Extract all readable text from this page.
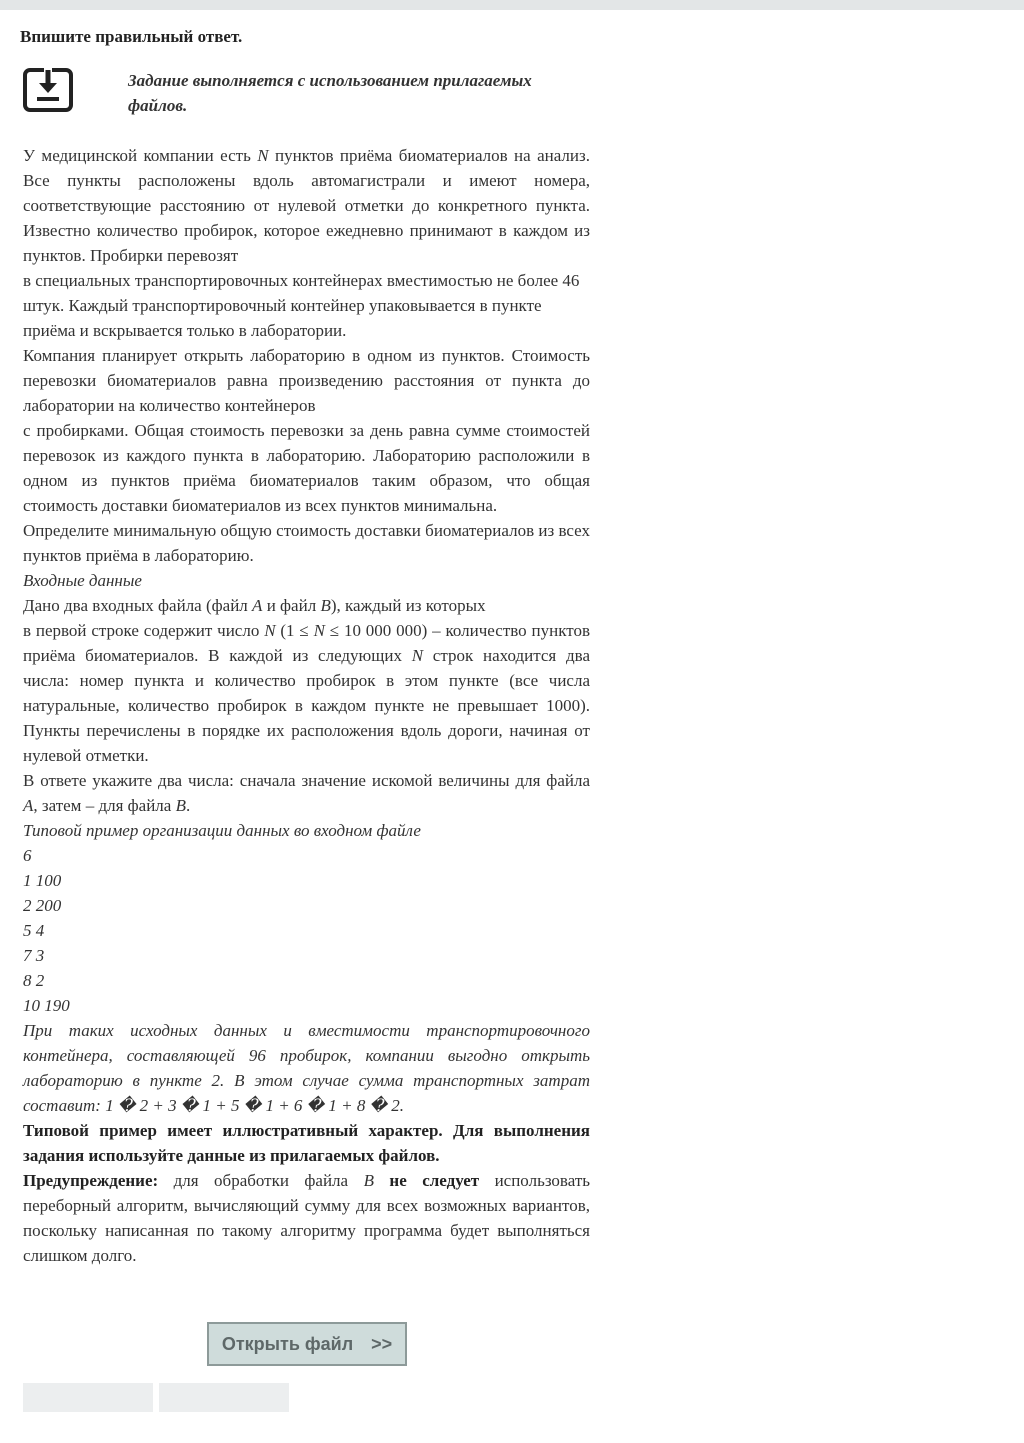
Впишите правильный ответ.
Задание выполняется с использованием прилагаемых файлов.

У медицинской компании есть N пунктов приёма биоматериалов на анализ. Все пункты расположены вдоль автомагистрали и имеют номера, соответствующие расстоянию от нулевой отметки до конкретного пункта. Известно количество пробирок, которое ежедневно принимают в каждом из пунктов. Пробирки перевозят

в специальных транспортировочных контейнерах вместимостью не более 46 штук. Каждый транспортировочный контейнер упаковывается в пункте приёма и вскрывается только в лаборатории.

Компания планирует открыть лабораторию в одном из пунктов. Стоимость перевозки биоматериалов равна произведению расстояния от пункта до лаборатории на количество контейнеров

с пробирками. Общая стоимость перевозки за день равна сумме стоимостей перевозок из каждого пункта в лабораторию. Лабораторию расположили в одном из пунктов приёма биоматериалов таким образом, что общая стоимость доставки биоматериалов из всех пунктов минимальна.

Определите минимальную общую стоимость доставки биоматериалов из всех пунктов приёма в лабораторию.

Входные данные

Дано два входных файла (файл A и файл B), каждый из которых

в первой строке содержит число N (1 ≤ N ≤ 10 000 000) – количество пунктов приёма биоматериалов. В каждой из следующих N строк находится два числа: номер пункта и количество пробирок в этом пункте (все числа натуральные, количество пробирок в каждом пункте не превышает 1000). Пункты перечислены в порядке их расположения вдоль дороги, начиная от нулевой отметки.

В ответе укажите два числа: сначала значение искомой величины для файла A, затем – для файла B.

Типовой пример организации данных во входном файле

6

1 100

2 200

5 4

7 3

8 2

10 190

При таких исходных данных и вместимости транспортировочного контейнера, составляющей 96 пробирок, компании выгодно открыть лабораторию в пункте 2. В этом случае сумма транспортных затрат составит: 1 � 2 + 3 � 1 + 5 � 1 + 6 � 1 + 8 � 2.

Типовой пример имеет иллюстративный характер. Для выполнения задания используйте данные из прилагаемых файлов.

Предупреждение: для обработки файла B не следует использовать переборный алгоритм, вычисляющий сумму для всех возможных вариантов, поскольку написанная по такому алгоритму программа будет выполняться слишком долго.

Открыть файл >>
